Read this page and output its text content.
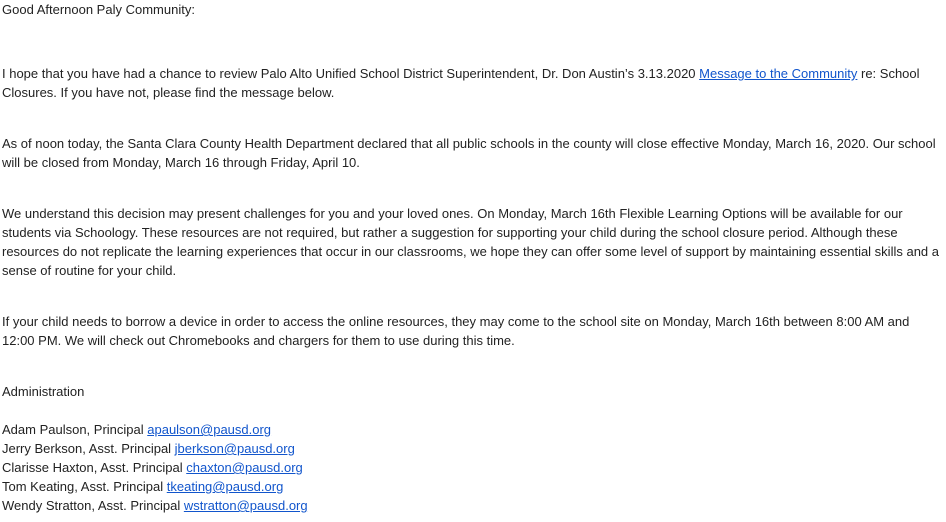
Good Afternoon Paly Community:

I hope that you have had a chance to review Palo Alto Unified School District Superintendent, Dr. Don Austin’s 3.13.2020 Message to the Community re: School Closures. If you have not, please find the message below.

As of noon today, the Santa Clara County Health Department declared that all public schools in the county will close effective Monday, March 16, 2020. Our school will be closed from Monday, March 16 through Friday, April 10.

We understand this decision may present challenges for you and your loved ones. On Monday, March 16th Flexible Learning Options will be available for our students via Schoology. These resources are not required, but rather a suggestion for supporting your child during the school closure period. Although these resources do not replicate the learning experiences that occur in our classrooms, we hope they can offer some level of support by maintaining essential skills and a sense of routine for your child.

If your child needs to borrow a device in order to access the online resources, they may come to the school site on Monday, March 16th between 8:00 AM and 12:00 PM. We will check out Chromebooks and chargers for them to use during this time.

Administration

Adam Paulson, Principal apaulson@pausd.org
Jerry Berkson, Asst. Principal jberkson@pausd.org
Clarisse Haxton, Asst. Principal chaxton@pausd.org
Tom Keating, Asst. Principal tkeating@pausd.org
Wendy Stratton, Asst. Principal wstratton@pausd.org
